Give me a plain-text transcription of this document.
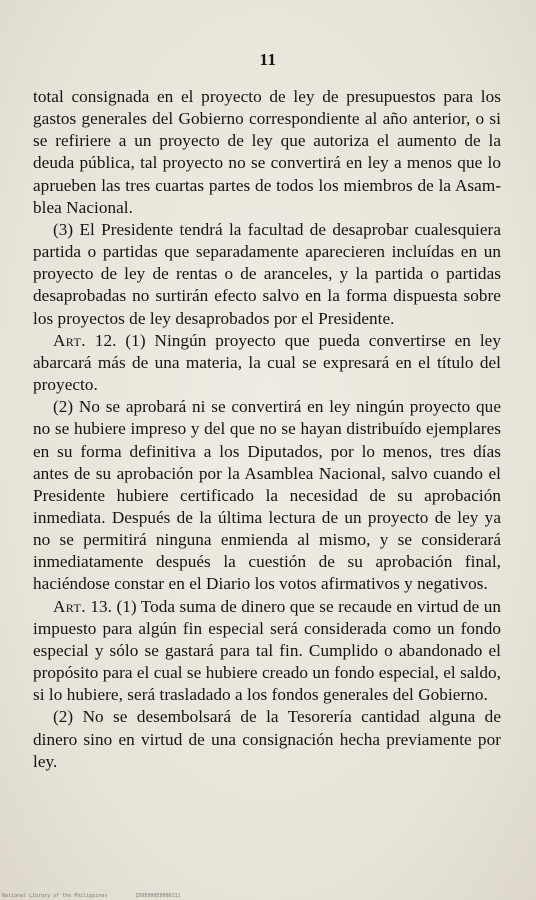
11

total consignada en el proyecto de ley de presupuestos para los gastos generales del Gobierno correspondiente al año anterior, o si se refiriere a un proyecto de ley que autoriza el aumento de la deuda pública, tal proyecto no se convertirá en ley a menos que lo aprueben las tres cuartas partes de todos los miembros de la Asamblea Nacional.

(3) El Presidente tendrá la facultad de desaprobar cualesquiera partida o partidas que separadamente aparecieren incluídas en un proyecto de ley de rentas o de aranceles, y la partida o partidas desaprobadas no surtirán efecto salvo en la forma dispuesta sobre los proyectos de ley desaprobados por el Presidente.

Art. 12. (1) Ningún proyecto que pueda convertirse en ley abarcará más de una materia, la cual se expresará en el título del proyecto.

(2) No se aprobará ni se convertirá en ley ningún proyecto que no se hubiere impreso y del que no se hayan distribuído ejemplares en su forma definitiva a los Diputados, por lo menos, tres días antes de su aprobación por la Asamblea Nacional, salvo cuando el Presidente hubiere certificado la necesidad de su aprobación inmediata. Después de la última lectura de un proyecto de ley ya no se permitirá ninguna enmienda al mismo, y se considerará inmediatamente después la cuestión de su aprobación final, haciéndose constar en el Diario los votos afirmativos y negativos.

Art. 13. (1) Toda suma de dinero que se recaude en virtud de un impuesto para algún fin especial será considerada como un fondo especial y sólo se gastará para tal fin. Cumplido o abandonado el propósito para el cual se hubiere creado un fondo especial, el saldo, si lo hubiere, será trasladado a los fondos generales del Gobierno.

(2) No se desembolsará de la Tesorería cantidad alguna de dinero sino en virtud de una consignación hecha previamente por ley.

National Library of the Philippines	ID0E000E0000111
